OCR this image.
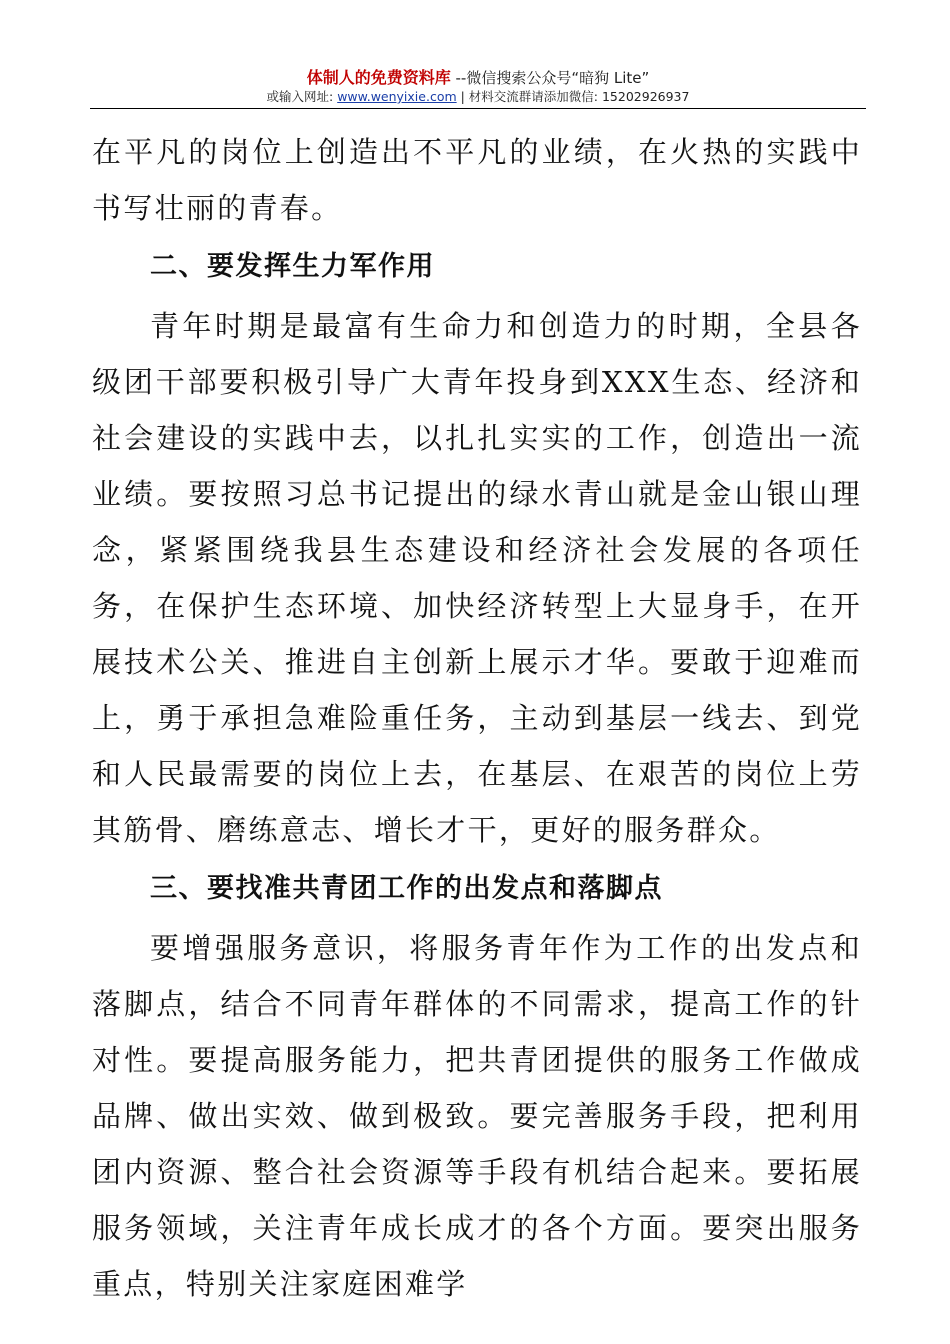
体制人的免费资料库 --微信搜索公众号“暗狗 Lite”
或输入网址: www.wenyixie.com | 材料交流群请添加微信: 15202926937

在平凡的岗位上创造出不平凡的业绩，在火热的实践中书写壮丽的青春。

二、要发挥生力军作用

青年时期是最富有生命力和创造力的时期，全县各级团干部要积极引导广大青年投身到XXX生态、经济和社会建设的实践中去，以扎扎实实的工作，创造出一流业绩。要按照习总书记提出的绿水青山就是金山银山理念，紧紧围绕我县生态建设和经济社会发展的各项任务，在保护生态环境、加快经济转型上大显身手，在开展技术公关、推进自主创新上展示才华。要敢于迎难而上，勇于承担急难险重任务，主动到基层一线去、到党和人民最需要的岗位上去，在基层、在艰苦的岗位上劳其筋骨、磨练意志、增长才干，更好的服务群众。

三、要找准共青团工作的出发点和落脚点

要增强服务意识，将服务青年作为工作的出发点和落脚点，结合不同青年群体的不同需求，提高工作的针对性。要提高服务能力，把共青团提供的服务工作做成品牌、做出实效、做到极致。要完善服务手段，把利用团内资源、整合社会资源等手段有机结合起来。要拓展服务领域，关注青年成长成才的各个方面。要突出服务重点，特别关注家庭困难学
